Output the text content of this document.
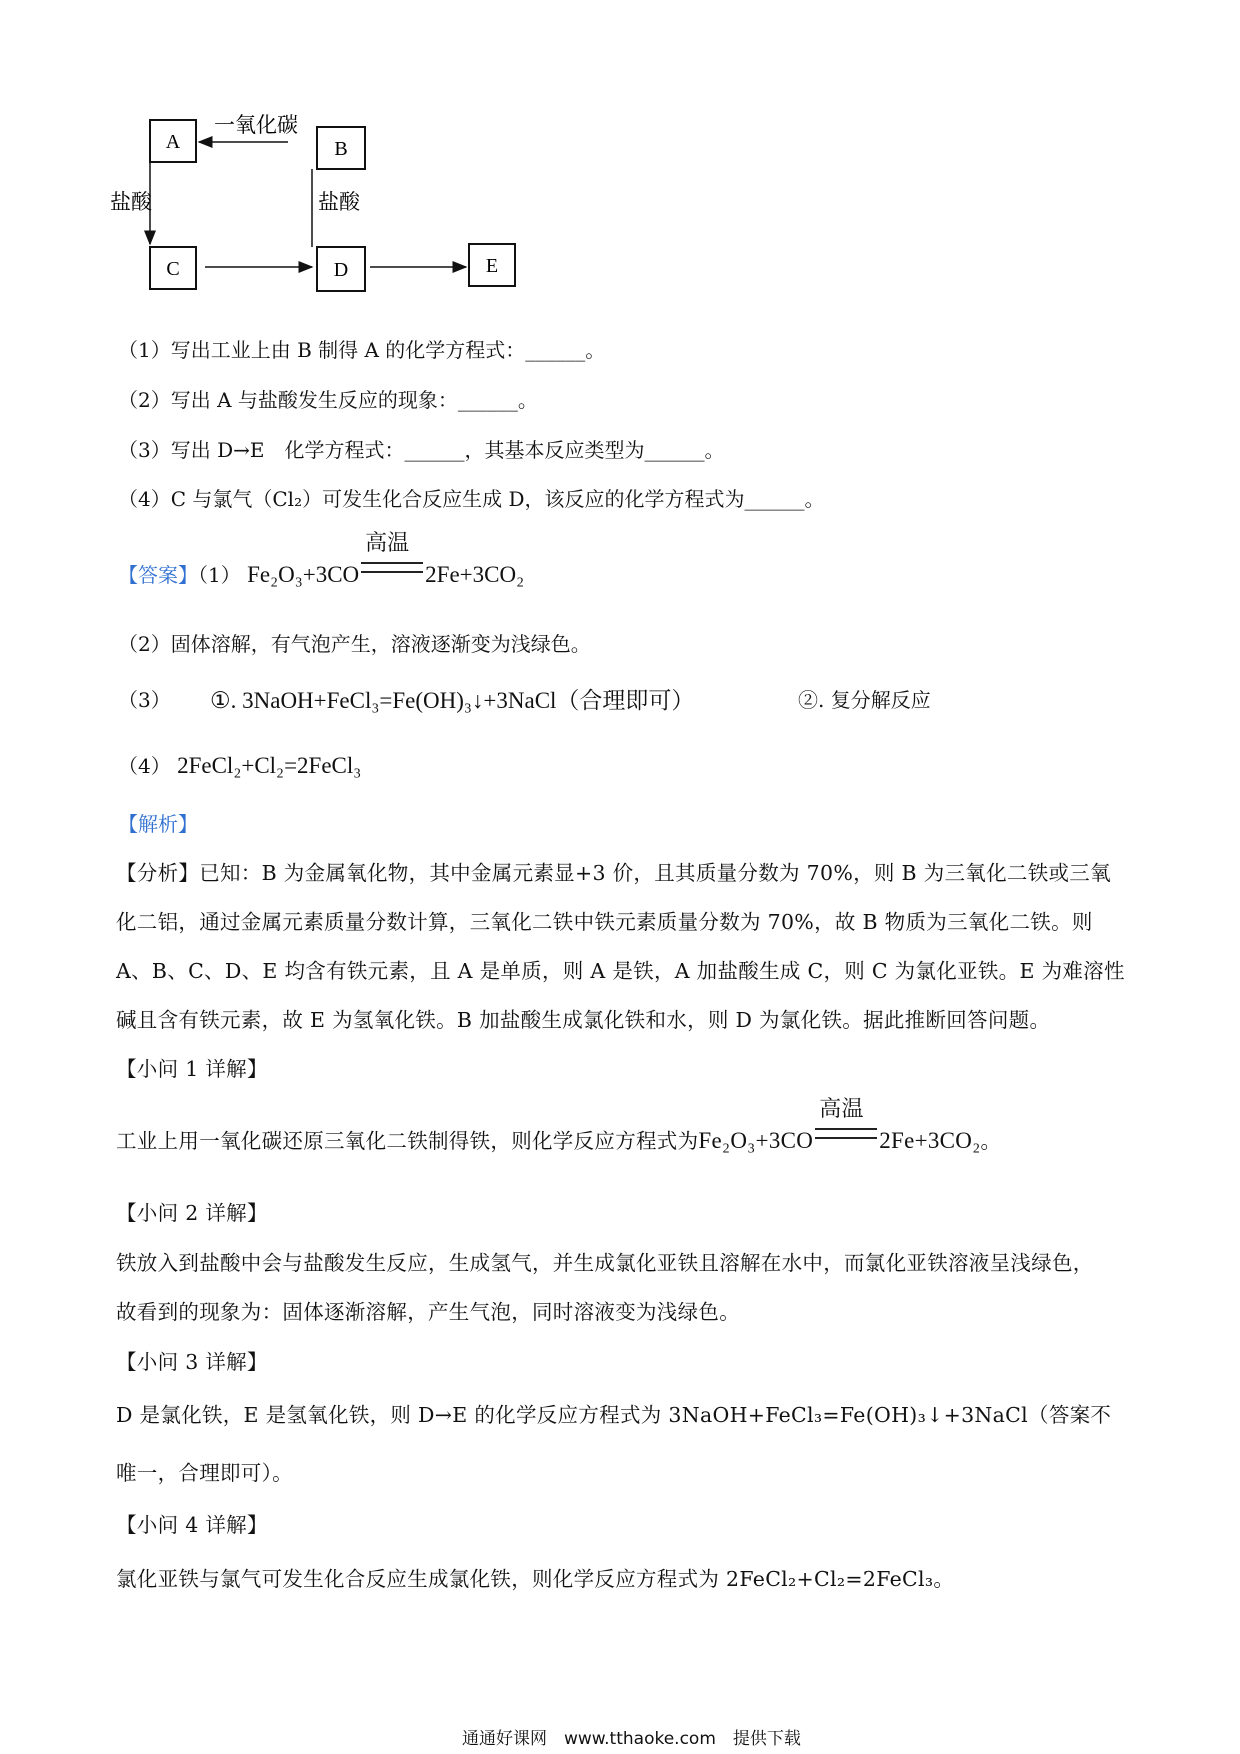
A	B
C	D	E
一氧化碳
盐酸	盐酸
（1）写出工业上由 B 制得 A 的化学方程式：______。
（2）写出 A 与盐酸发生反应的现象：______。
（3）写出 D→E　化学方程式：______，其基本反应类型为______。
（4）C 与氯气（Cl₂）可发生化合反应生成 D，该反应的化学方程式为______。
【答案】（1） Fe₂O₃+3CO
高温
2Fe+3CO₂
（2）固体溶解，有气泡产生，溶液逐渐变为浅绿色。
（3） ①. 3NaOH+FeCl₃=Fe(OH)₃↓+3NaCl（合理即可）	②. 复分解反应
（4） 2FeCl₂+Cl₂=2FeCl₃
【解析】
【分析】已知：B 为金属氧化物，其中金属元素显+3 价，且其质量分数为 70%，则 B 为三氧化二铁或三氧
化二铝，通过金属元素质量分数计算，三氧化二铁中铁元素质量分数为 70%，故 B 物质为三氧化二铁。则
A、B、C、D、E 均含有铁元素，且 A 是单质，则 A 是铁，A 加盐酸生成 C，则 C 为氯化亚铁。E 为难溶性
碱且含有铁元素，故 E 为氢氧化铁。B 加盐酸生成氯化铁和水，则 D 为氯化铁。据此推断回答问题。
【小问 1 详解】
工业上用一氧化碳还原三氧化二铁制得铁，则化学反应方程式为Fe₂O₃+3CO
高温
2Fe+3CO₂。
【小问 2 详解】
铁放入到盐酸中会与盐酸发生反应，生成氢气，并生成氯化亚铁且溶解在水中，而氯化亚铁溶液呈浅绿色，
故看到的现象为：固体逐渐溶解，产生气泡，同时溶液变为浅绿色。
【小问 3 详解】
D 是氯化铁，E 是氢氧化铁，则 D→E 的化学反应方程式为 3NaOH+FeCl₃=Fe(OH)₃↓+3NaCl（答案不
唯一，合理即可）。
【小问 4 详解】
氯化亚铁与氯气可发生化合反应生成氯化铁，则化学反应方程式为 2FeCl₂+Cl₂=2FeCl₃。
通通好课网　www.tthaoke.com　提供下载
